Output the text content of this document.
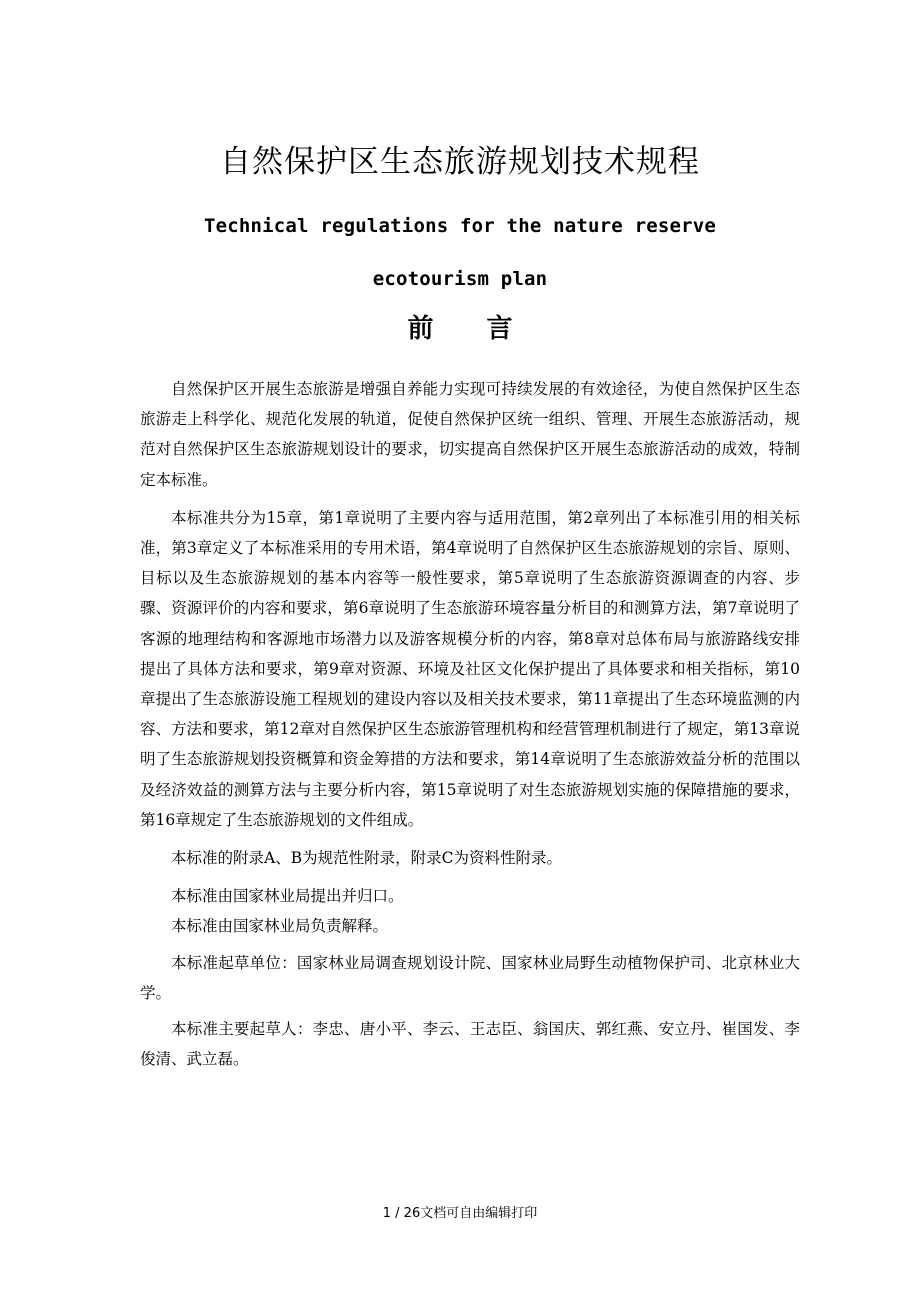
自然保护区生态旅游规划技术规程
Technical regulations for the nature reserve ecotourism plan
前 言

自然保护区开展生态旅游是增强自养能力实现可持续发展的有效途径，为使自然保护区生态旅游走上科学化、规范化发展的轨道，促使自然保护区统一组织、管理、开展生态旅游活动，规范对自然保护区生态旅游规划设计的要求，切实提高自然保护区开展生态旅游活动的成效，特制定本标准。

本标准共分为15章，第1章说明了主要内容与适用范围，第2章列出了本标准引用的相关标准，第3章定义了本标准采用的专用术语，第4章说明了自然保护区生态旅游规划的宗旨、原则、目标以及生态旅游规划的基本内容等一般性要求，第5章说明了生态旅游资源调查的内容、步骤、资源评价的内容和要求，第6章说明了生态旅游环境容量分析目的和测算方法，第7章说明了客源的地理结构和客源地市场潜力以及游客规模分析的内容，第8章对总体布局与旅游路线安排提出了具体方法和要求，第9章对资源、环境及社区文化保护提出了具体要求和相关指标，第10章提出了生态旅游设施工程规划的建设内容以及相关技术要求，第11章提出了生态环境监测的内容、方法和要求，第12章对自然保护区生态旅游管理机构和经营管理机制进行了规定，第13章说明了生态旅游规划投资概算和资金筹措的方法和要求，第14章说明了生态旅游效益分析的范围以及经济效益的测算方法与主要分析内容，第15章说明了对生态旅游规划实施的保障措施的要求，第16章规定了生态旅游规划的文件组成。

本标准的附录A、B为规范性附录，附录C为资料性附录。

本标准由国家林业局提出并归口。

本标准由国家林业局负责解释。

本标准起草单位：国家林业局调查规划设计院、国家林业局野生动植物保护司、北京林业大学。

本标准主要起草人：李忠、唐小平、李云、王志臣、翁国庆、郭红燕、安立丹、崔国发、李俊清、武立磊。

1 / 26文档可自由编辑打印
